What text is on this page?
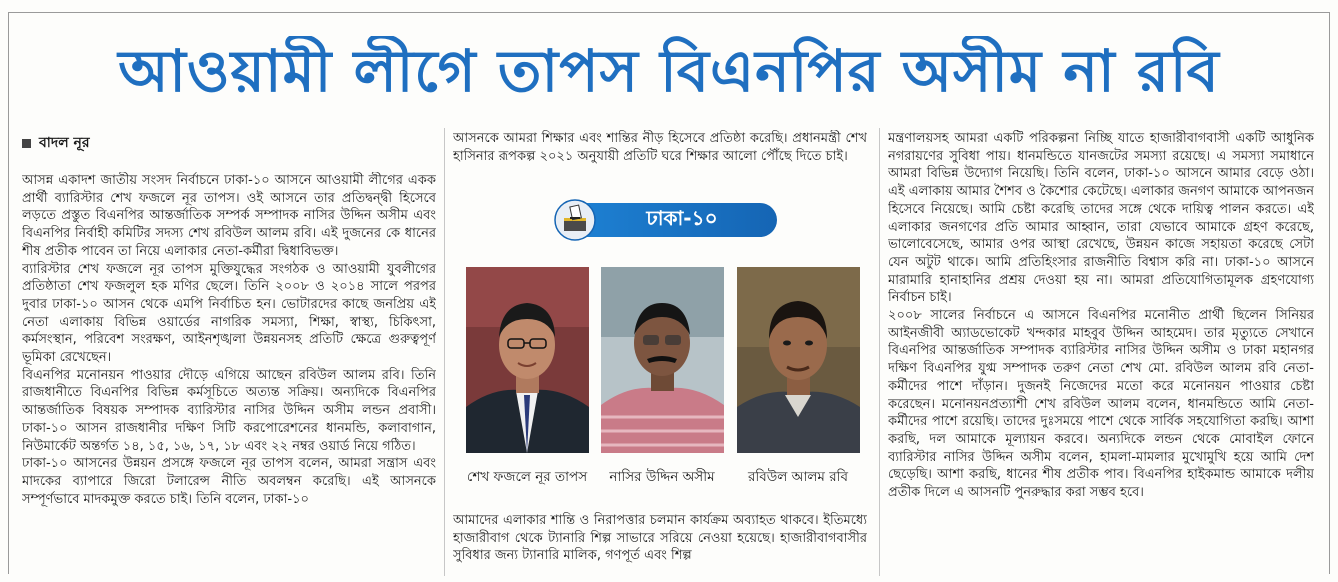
আওয়ামী লীগে তাপস বিএনপির অসীম না রবি
বাদল নূর

আসন্ন একাদশ জাতীয় সংসদ নির্বাচনে ঢাকা-১০ আসনে আওয়ামী লীগের একক প্রার্থী ব্যারিস্টার শেখ ফজলে নূর তাপস। ওই আসনে তার প্রতিদ্বন্দ্বী হিসেবে লড়তে প্রস্তুত বিএনপির আন্তর্জাতিক সম্পর্ক সম্পাদক নাসির উদ্দিন অসীম এবং বিএনপির নির্বাহী কমিটির সদস্য শেখ রবিউল আলম রবি। এই দুজনের কে ধানের শীষ প্রতীক পাবেন তা নিয়ে এলাকার নেতা-কর্মীরা দ্বিধাবিভক্ত।

ব্যারিস্টার শেখ ফজলে নূর তাপস মুক্তিযুদ্ধের সংগঠক ও আওয়ামী যুবলীগের প্রতিষ্ঠাতা শেখ ফজলুল হক মণির ছেলে। তিনি ২০০৮ ও ২০১৪ সালে পরপর দুবার ঢাকা-১০ আসন থেকে এমপি নির্বাচিত হন। ভোটারদের কাছে জনপ্রিয় এই নেতা এলাকায় বিভিন্ন ওয়ার্ডের নাগরিক সমস্যা, শিক্ষা, স্বাস্থ্য, চিকিৎসা, কর্মসংস্থান, পরিবেশ সংরক্ষণ, আইনশৃঙ্খলা উন্নয়নসহ প্রতিটি ক্ষেত্রে গুরুত্বপূর্ণ ভূমিকা রেখেছেন।

বিএনপির মনোনয়ন পাওয়ার দৌড়ে এগিয়ে আছেন রবিউল আলম রবি। তিনি রাজধানীতে বিএনপির বিভিন্ন কর্মসূচিতে অত্যন্ত সক্রিয়। অন্যদিকে বিএনপির আন্তর্জাতিক বিষয়ক সম্পাদক ব্যারিস্টার নাসির উদ্দিন অসীম লন্ডন প্রবাসী। ঢাকা-১০ আসন রাজধানীর দক্ষিণ সিটি করপোরেশনের ধানমন্ডি, কলাবাগান, নিউমার্কেট অন্তর্গত ১৪, ১৫, ১৬, ১৭, ১৮ এবং ২২ নম্বর ওয়ার্ড নিয়ে গঠিত।

ঢাকা-১০ আসনের উন্নয়ন প্রসঙ্গে ফজলে নূর তাপস বলেন, আমরা সন্ত্রাস এবং মাদকের ব্যাপারে জিরো টলারেন্স নীতি অবলম্বন করেছি। এই আসনকে সম্পূর্ণভাবে মাদকমুক্ত করতে চাই। তিনি বলেন, ঢাকা-১০

আসনকে আমরা শিক্ষার এবং শান্তির নীড় হিসেবে প্রতিষ্ঠা করেছি। প্রধানমন্ত্রী শেখ হাসিনার রূপকল্প ২০২১ অনুযায়ী প্রতিটি ঘরে শিক্ষার আলো পৌঁছে দিতে চাই।

ঢাকা-১০
শেখ ফজলে নূর তাপস	নাসির উদ্দিন অসীম	রবিউল আলম রবি

আমাদের এলাকার শান্তি ও নিরাপত্তার চলমান কার্যক্রম অব্যাহত থাকবে। ইতিমধ্যে হাজারীবাগ থেকে ট্যানারি শিল্প সাভারে সরিয়ে নেওয়া হয়েছে। হাজারীবাগবাসীর সুবিধার জন্য ট্যানারি মালিক, গণপূর্ত এবং শিল্প

মন্ত্রণালয়সহ আমরা একটি পরিকল্পনা নিচ্ছি যাতে হাজারীবাগবাসী একটি আধুনিক নগরায়ণের সুবিধা পায়। ধানমন্ডিতে যানজটের সমস্যা রয়েছে। এ সমস্যা সমাধানে আমরা বিভিন্ন উদ্যোগ নিয়েছি। তিনি বলেন, ঢাকা-১০ আসনে আমার বেড়ে ওঠা। এই এলাকায় আমার শৈশব ও কৈশোর কেটেছে। এলাকার জনগণ আমাকে আপনজন হিসেবে নিয়েছে। আমি চেষ্টা করেছি তাদের সঙ্গে থেকে দায়িত্ব পালন করতে। এই এলাকার জনগণের প্রতি আমার আহ্বান, তারা যেভাবে আমাকে গ্রহণ করেছে, ভালোবেসেছে, আমার ওপর আস্থা রেখেছে, উন্নয়ন কাজে সহায়তা করেছে সেটা যেন অটুট থাকে। আমি প্রতিহিংসার রাজনীতি বিশ্বাস করি না। ঢাকা-১০ আসনে মারামারি হানাহানির প্রশ্রয় দেওয়া হয় না। আমরা প্রতিযোগিতামূলক গ্রহণযোগ্য নির্বাচন চাই।

২০০৮ সালের নির্বাচনে এ আসনে বিএনপির মনোনীত প্রার্থী ছিলেন সিনিয়র আইনজীবী অ্যাডভোকেট খন্দকার মাহবুব উদ্দিন আহমেদ। তার মৃত্যুতে সেখানে বিএনপির আন্তর্জাতিক সম্পাদক ব্যারিস্টার নাসির উদ্দিন অসীম ও ঢাকা মহানগর দক্ষিণ বিএনপির যুগ্ম সম্পাদক তরুণ নেতা শেখ মো. রবিউল আলম রবি নেতা-কর্মীদের পাশে দাঁড়ান। দুজনই নিজেদের মতো করে মনোনয়ন পাওয়ার চেষ্টা করেছেন। মনোনয়নপ্রত্যাশী শেখ রবিউল আলম বলেন, ধানমন্ডিতে আমি নেতা-কর্মীদের পাশে রয়েছি। তাদের দুঃসময়ে পাশে থেকে সার্বিক সহযোগিতা করছি। আশা করছি, দল আমাকে মূল্যায়ন করবে। অন্যদিকে লন্ডন থেকে মোবাইল ফোনে ব্যারিস্টার নাসির উদ্দিন অসীম বলেন, হামলা-মামলার মুখোমুখি হয়ে আমি দেশ ছেড়েছি। আশা করছি, ধানের শীষ প্রতীক পাব। বিএনপির হাইকমান্ড আমাকে দলীয় প্রতীক দিলে এ আসনটি পুনরুদ্ধার করা সম্ভব হবে।
